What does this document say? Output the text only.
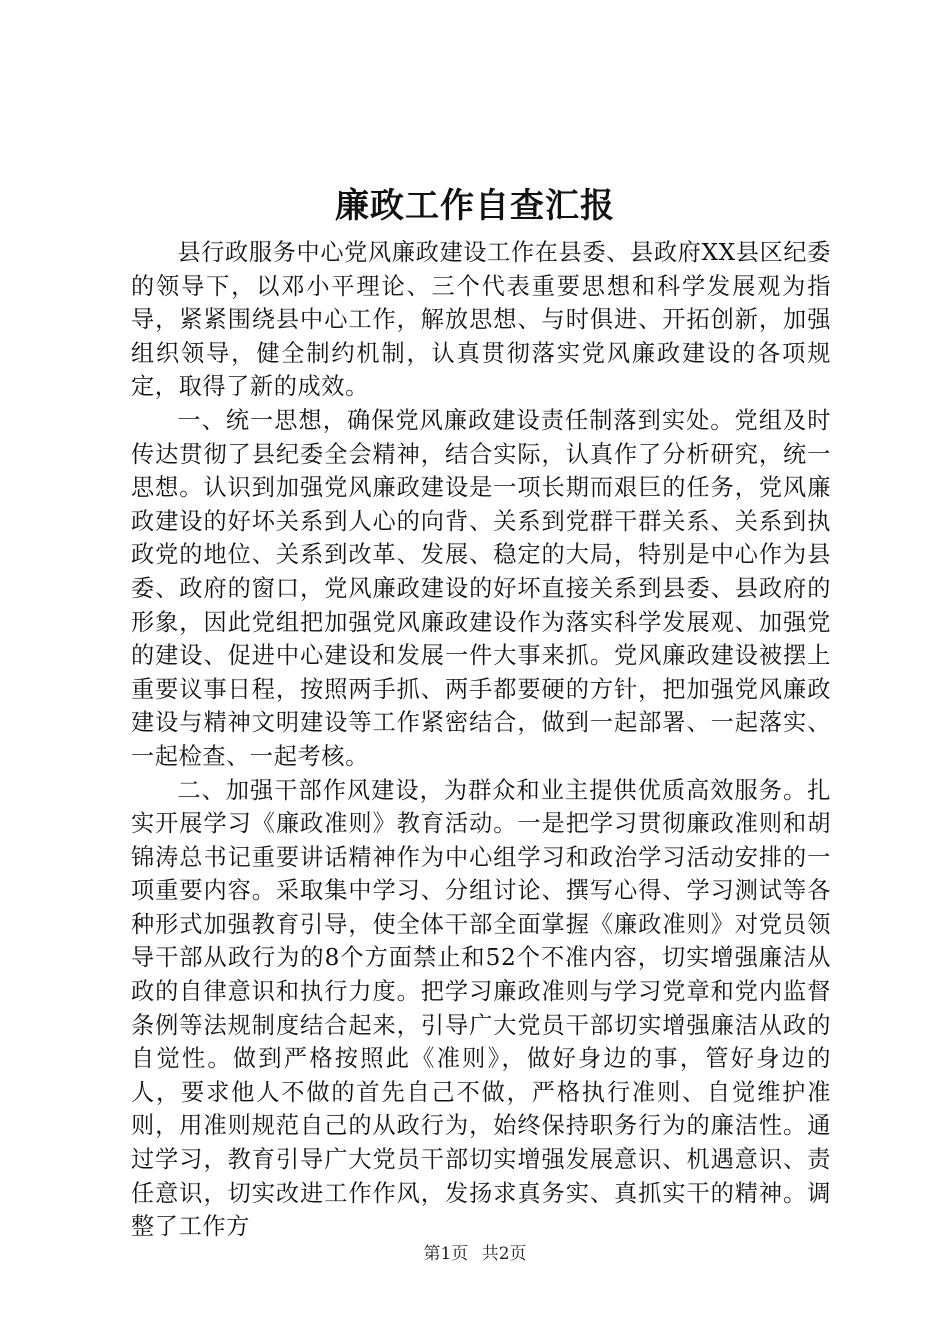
廉政工作自查汇报

县行政服务中心党风廉政建设工作在县委、县政府XX县区纪委的领导下，以邓小平理论、三个代表重要思想和科学发展观为指导，紧紧围绕县中心工作，解放思想、与时俱进、开拓创新，加强组织领导，健全制约机制，认真贯彻落实党风廉政建设的各项规定，取得了新的成效。

一、统一思想，确保党风廉政建设责任制落到实处。党组及时传达贯彻了县纪委全会精神，结合实际，认真作了分析研究，统一思想。认识到加强党风廉政建设是一项长期而艰巨的任务，党风廉政建设的好坏关系到人心的向背、关系到党群干群关系、关系到执政党的地位、关系到改革、发展、稳定的大局，特别是中心作为县委、政府的窗口，党风廉政建设的好坏直接关系到县委、县政府的形象，因此党组把加强党风廉政建设作为落实科学发展观、加强党的建设、促进中心建设和发展一件大事来抓。党风廉政建设被摆上重要议事日程，按照两手抓、两手都要硬的方针，把加强党风廉政建设与精神文明建设等工作紧密结合，做到一起部署、一起落实、一起检查、一起考核。

二、加强干部作风建设，为群众和业主提供优质高效服务。扎实开展学习《廉政准则》教育活动。一是把学习贯彻廉政准则和胡锦涛总书记重要讲话精神作为中心组学习和政治学习活动安排的一项重要内容。采取集中学习、分组讨论、撰写心得、学习测试等各种形式加强教育引导，使全体干部全面掌握《廉政准则》对党员领导干部从政行为的8个方面禁止和52个不准内容，切实增强廉洁从政的自律意识和执行力度。把学习廉政准则与学习党章和党内监督条例等法规制度结合起来，引导广大党员干部切实增强廉洁从政的自觉性。做到严格按照此《准则》，做好身边的事，管好身边的人，要求他人不做的首先自己不做，严格执行准则、自觉维护准则，用准则规范自己的从政行为，始终保持职务行为的廉洁性。通过学习，教育引导广大党员干部切实增强发展意识、机遇意识、责任意识，切实改进工作作风，发扬求真务实、真抓实干的精神。调整了工作方

第1页 共2页
